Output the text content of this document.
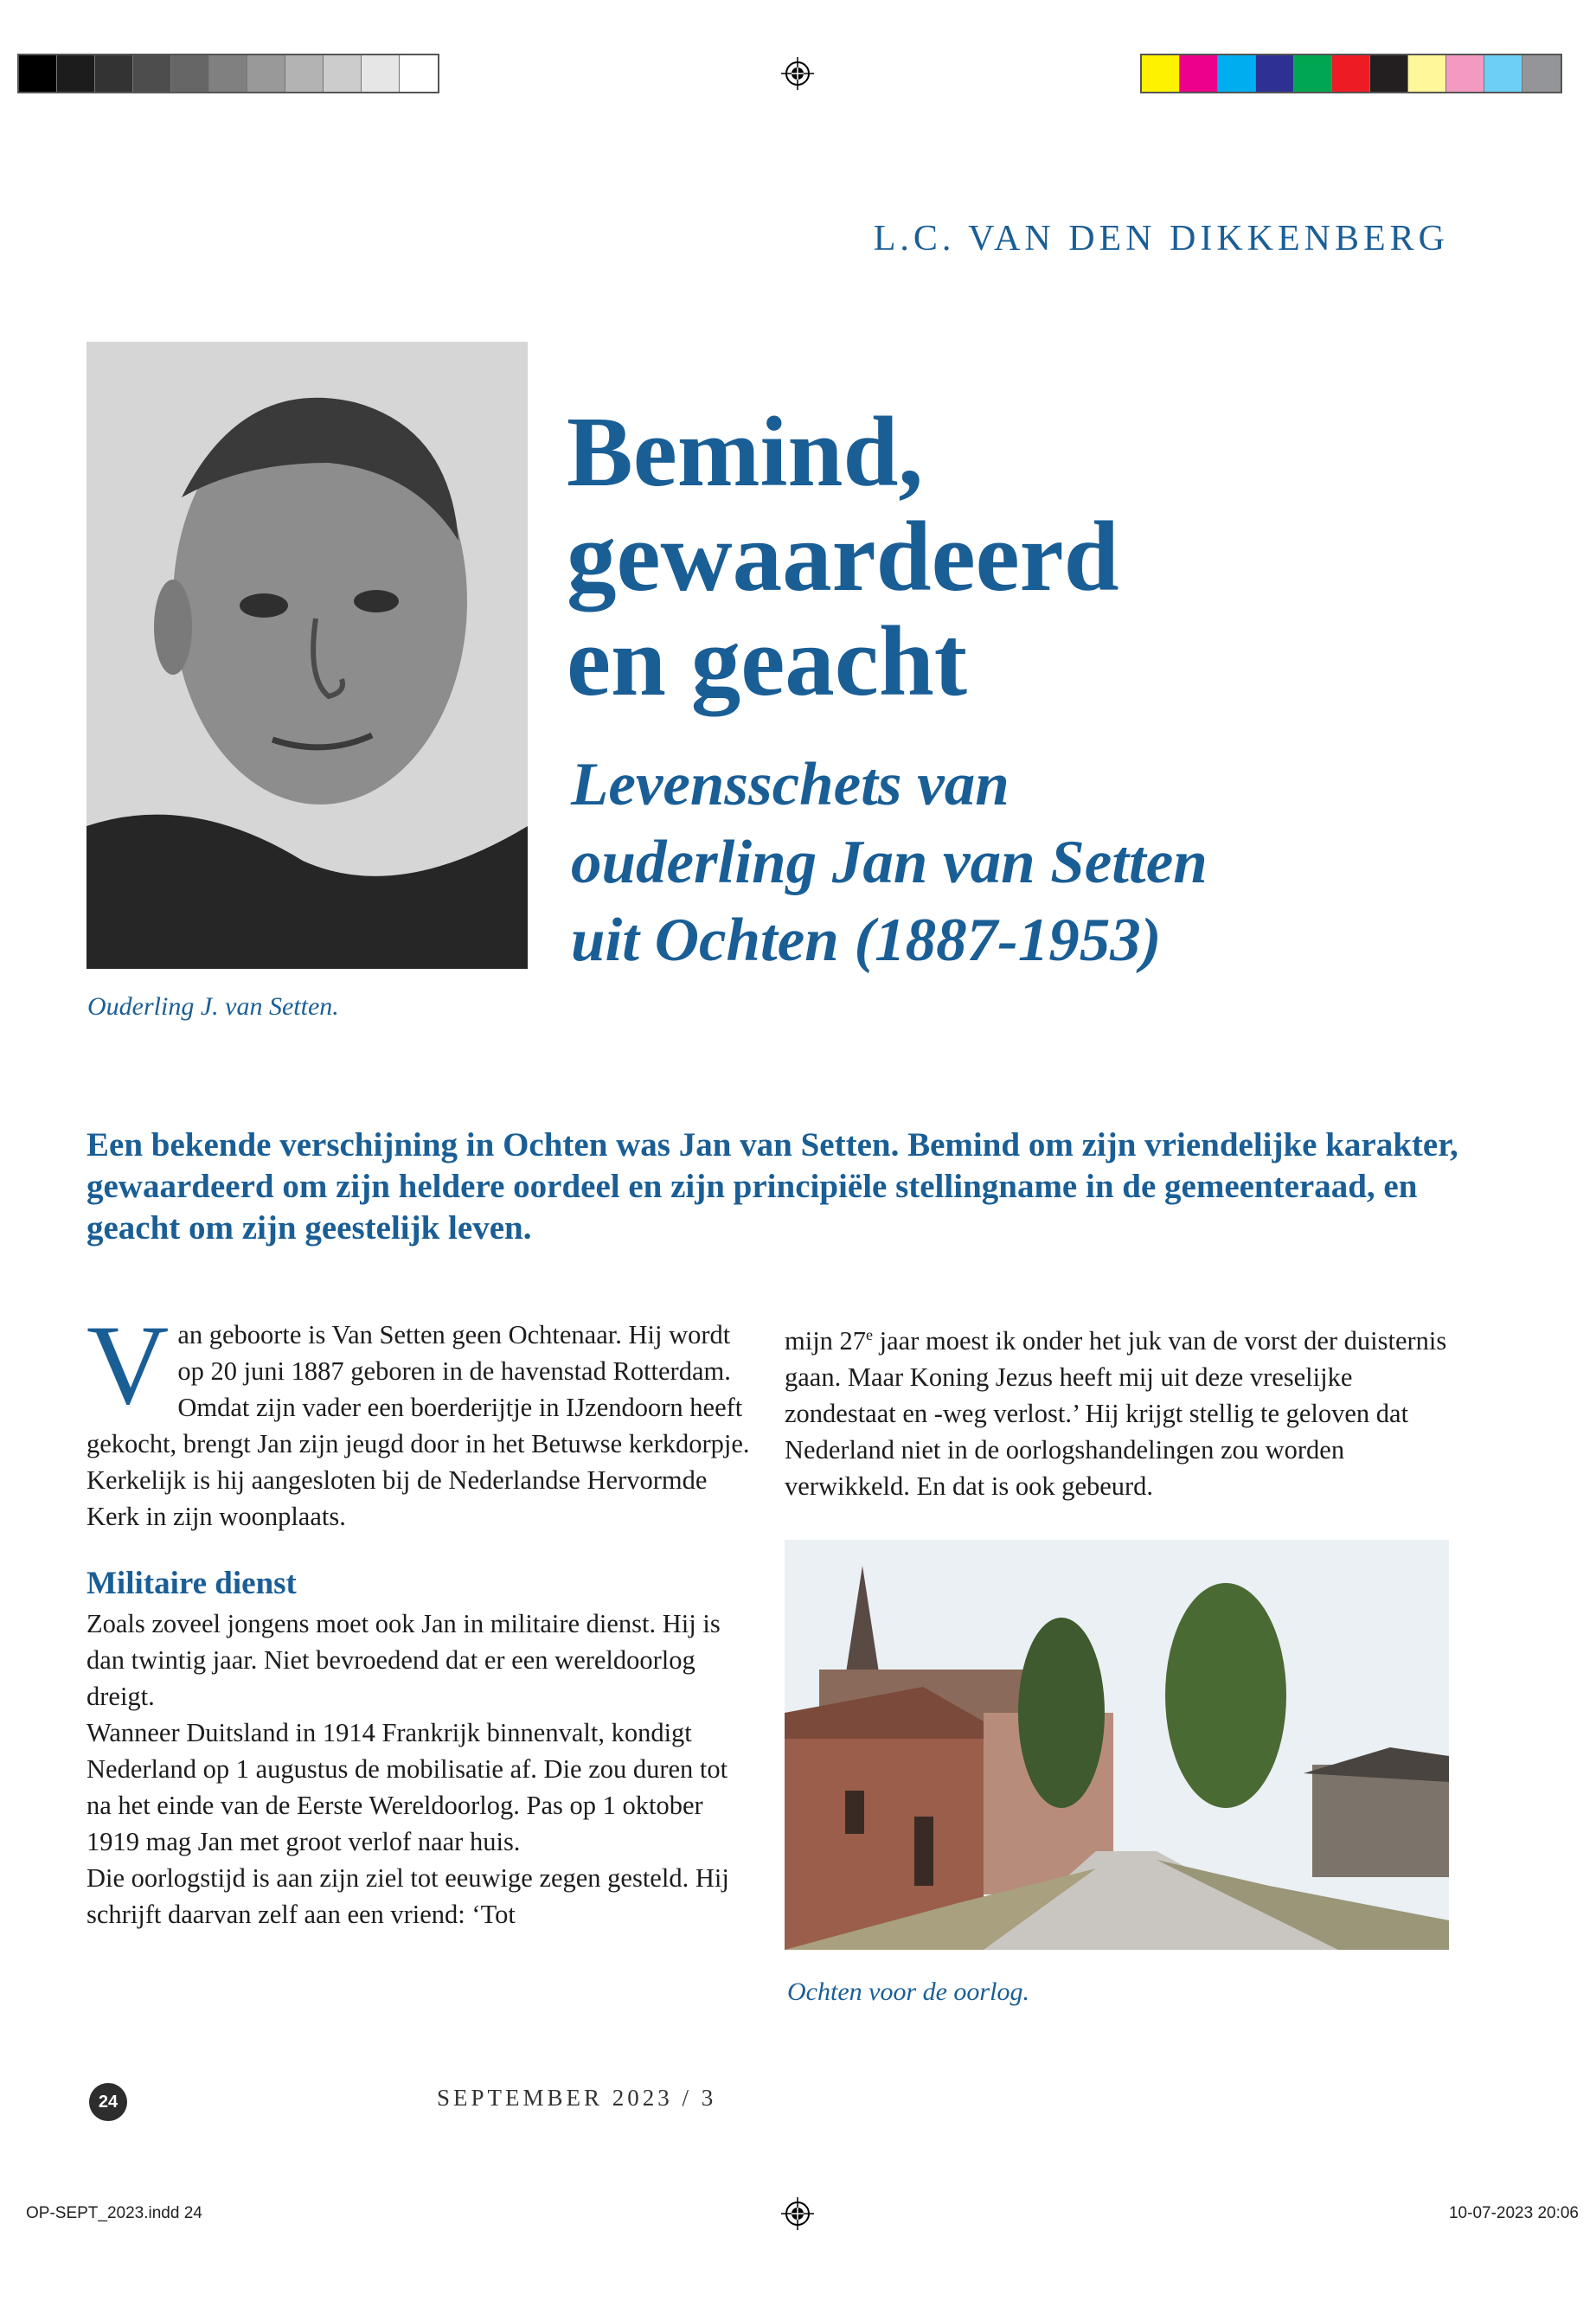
L.C. VAN DEN DIKKENBERG
Ouderling J. van Setten.
Bemind,
gewaardeerd
en geacht
Levensschets van
ouderling Jan van Setten
uit Ochten (1887-1953)
Een bekende verschijning in Ochten was Jan van Setten. Bemind om zijn vriendelijke karakter, gewaardeerd om zijn heldere oordeel en zijn principiële stellingname in de gemeenteraad, en geacht om zijn geestelijk leven.

Van geboorte is Van Setten geen Ochtenaar. Hij wordt op 20 juni 1887 geboren in de havenstad Rotterdam. Omdat zijn vader een boerderijtje in IJzendoorn heeft gekocht, brengt Jan zijn jeugd door in het Betuwse kerkdorpje. Kerkelijk is hij aangesloten bij de Nederlandse Hervormde Kerk in zijn woonplaats.

Militaire dienst

Zoals zoveel jongens moet ook Jan in militaire dienst. Hij is dan twintig jaar. Niet bevroedend dat er een wereldoorlog dreigt.

Wanneer Duitsland in 1914 Frankrijk binnenvalt, kondigt Nederland op 1 augustus de mobilisatie af. Die zou duren tot na het einde van de Eerste Wereldoorlog. Pas op 1 oktober 1919 mag Jan met groot verlof naar huis.

Die oorlogstijd is aan zijn ziel tot eeuwige zegen gesteld. Hij schrijft daarvan zelf aan een vriend: ‘Tot

mijn 27e jaar moest ik onder het juk van de vorst der duisternis gaan. Maar Koning Jezus heeft mij uit deze vreselijke zondestaat en -weg verlost.’ Hij krijgt stellig te geloven dat Nederland niet in de oorlogshandelingen zou worden verwikkeld. En dat is ook gebeurd.

Ochten voor de oorlog.
24	SEPTEMBER 2023 / 3
OP-SEPT_2023.indd 24	10-07-2023 20:06
